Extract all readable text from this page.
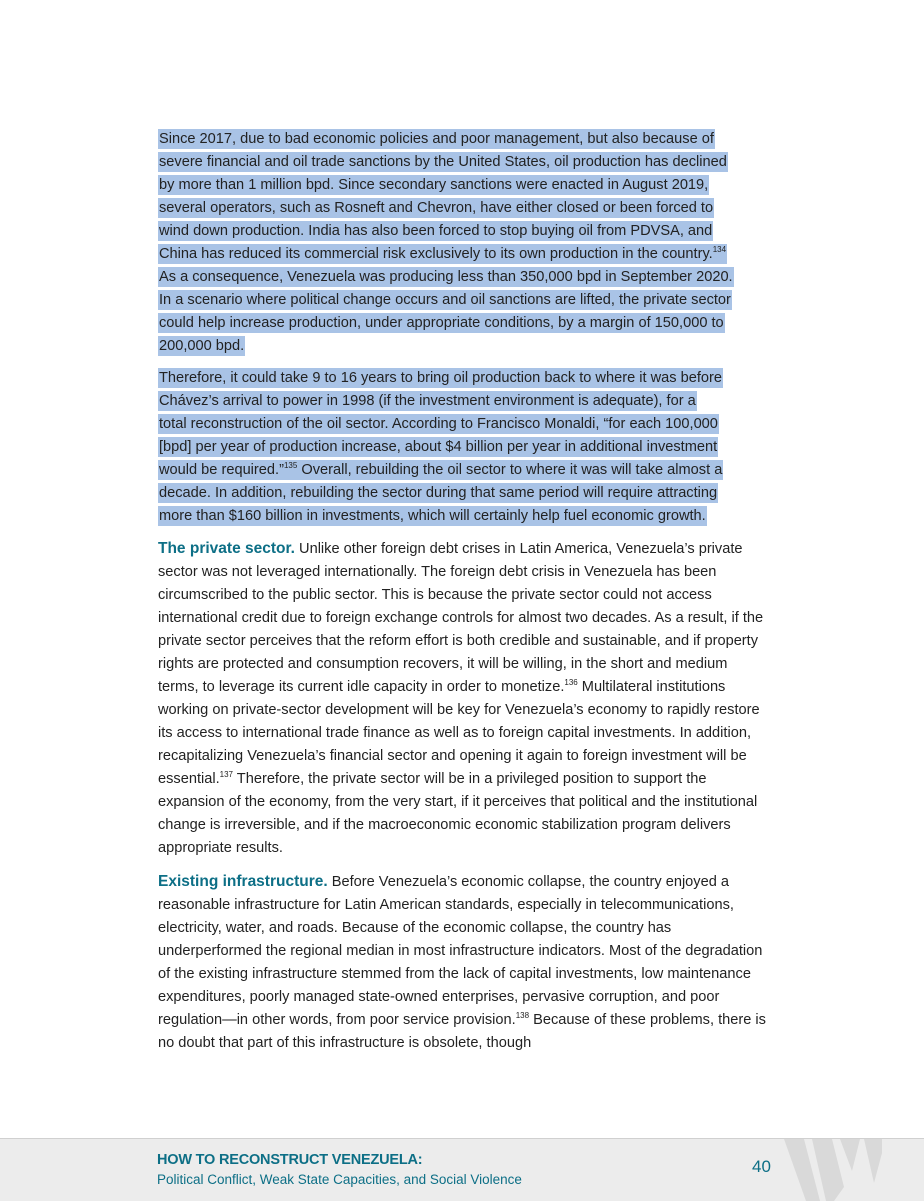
Since 2017, due to bad economic policies and poor management, but also because of
severe financial and oil trade sanctions by the United States, oil production has declined
by more than 1 million bpd. Since secondary sanctions were enacted in August 2019,
several operators, such as Rosneft and Chevron, have either closed or been forced to
wind down production. India has also been forced to stop buying oil from PDVSA, and
China has reduced its commercial risk exclusively to its own production in the country.$^{134}$
As a consequence, Venezuela was producing less than 350,000 bpd in September 2020.
In a scenario where political change occurs and oil sanctions are lifted, the private sector
could help increase production, under appropriate conditions, by a margin of 150,000 to
200,000 bpd.

Therefore, it could take 9 to 16 years to bring oil production back to where it was before
Chávez’s arrival to power in 1998 (if the investment environment is adequate), for a
total reconstruction of the oil sector. According to Francisco Monaldi, “for each 100,000
[bpd] per year of production increase, about $4 billion per year in additional investment
would be required.”$^{135}$ Overall, rebuilding the oil sector to where it was will take almost a
decade. In addition, rebuilding the sector during that same period will require attracting
more than $160 billion in investments, which will certainly help fuel economic growth.

The private sector. Unlike other foreign debt crises in Latin America, Venezuela’s private sector was not leveraged internationally. The foreign debt crisis in Venezuela has been circumscribed to the public sector. This is because the private sector could not access international credit due to foreign exchange controls for almost two decades. As a result, if the private sector perceives that the reform effort is both credible and sustainable, and if property rights are protected and consumption recovers, it will be willing, in the short and medium terms, to leverage its current idle capacity in order to monetize.$^{136}$ Multilateral institutions working on private-sector development will be key for Venezuela’s economy to rapidly restore its access to international trade finance as well as to foreign capital investments. In addition, recapitalizing Venezuela’s financial sector and opening it again to foreign investment will be essential.$^{137}$ Therefore, the private sector will be in a privileged position to support the expansion of the economy, from the very start, if it perceives that political and the institutional change is irreversible, and if the macroeconomic economic stabilization program delivers appropriate results.

Existing infrastructure. Before Venezuela’s economic collapse, the country enjoyed a reasonable infrastructure for Latin American standards, especially in telecommunications, electricity, water, and roads. Because of the economic collapse, the country has underperformed the regional median in most infrastructure indicators. Most of the degradation of the existing infrastructure stemmed from the lack of capital investments, low maintenance expenditures, poorly managed state-owned enterprises, pervasive corruption, and poor regulation—in other words, from poor service provision.$^{138}$ Because of these problems, there is no doubt that part of this infrastructure is obsolete, though

HOW TO RECONSTRUCT VENEZUELA:
Political Conflict, Weak State Capacities, and Social Violence
40
